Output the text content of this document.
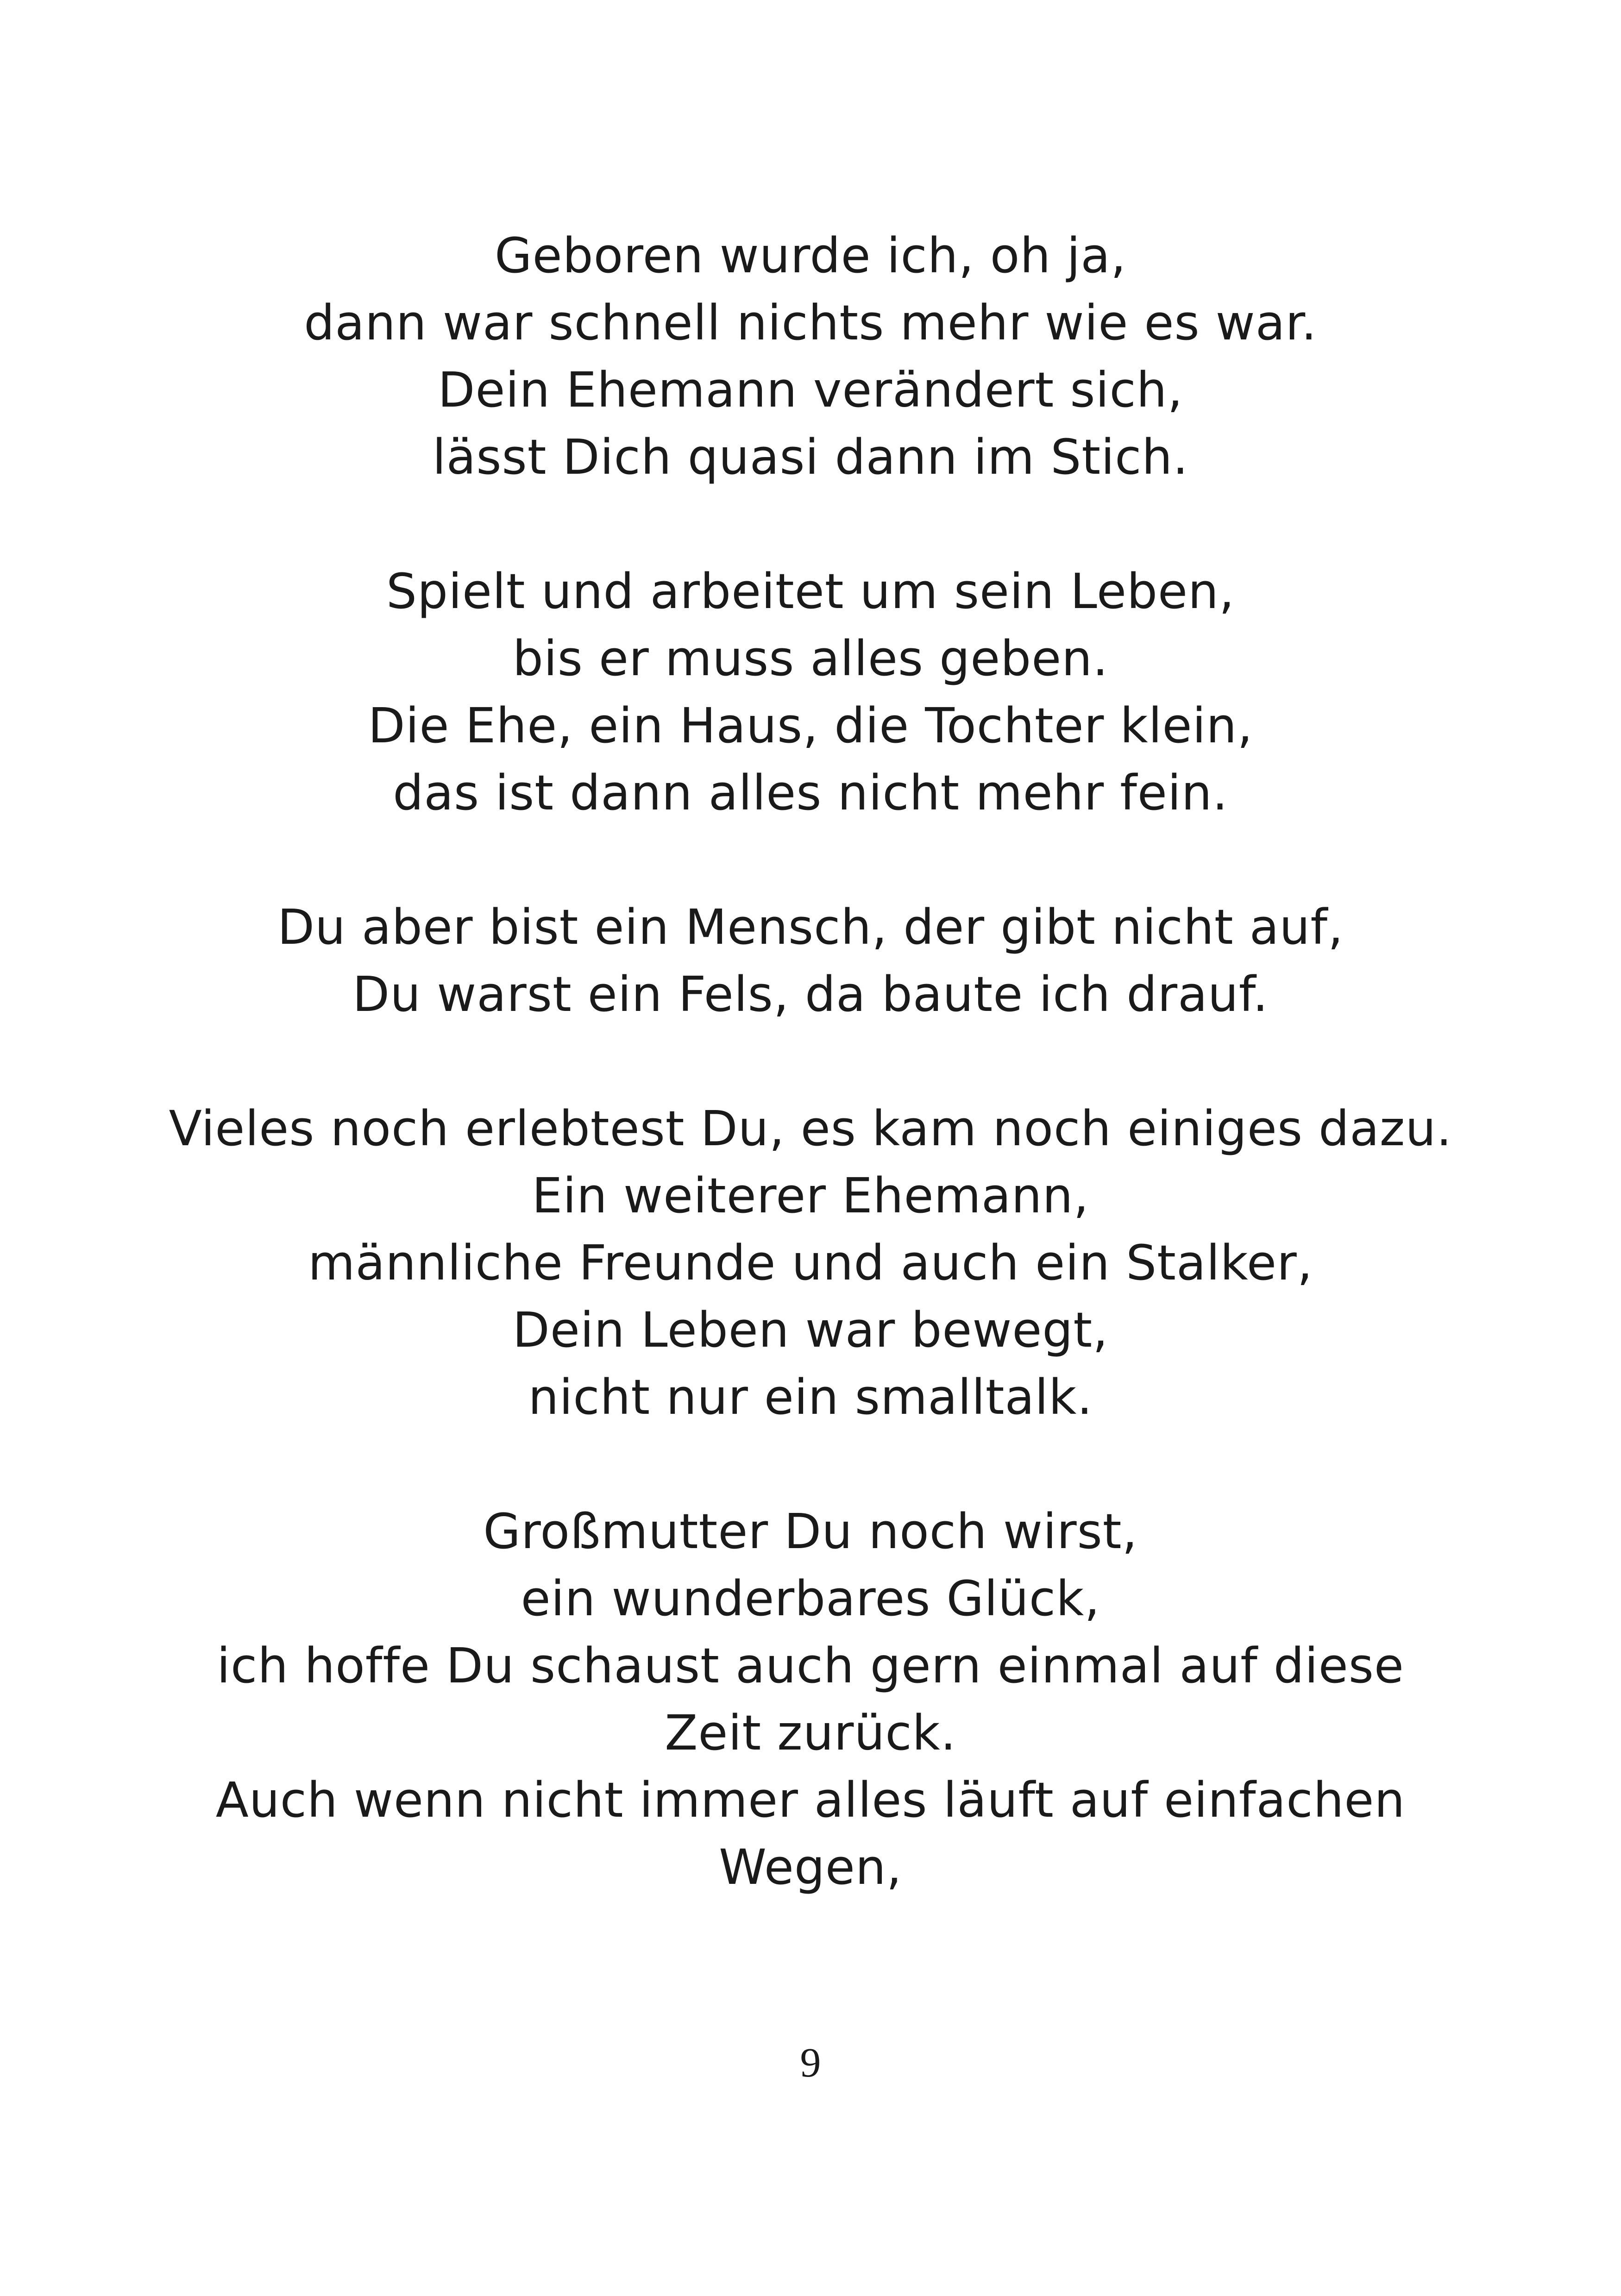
Geboren wurde ich, oh ja,
dann war schnell nichts mehr wie es war.
Dein Ehemann verändert sich,
lässt Dich quasi dann im Stich.
Spielt und arbeitet um sein Leben,
bis er muss alles geben.
Die Ehe, ein Haus, die Tochter klein,
das ist dann alles nicht mehr fein.
Du aber bist ein Mensch, der gibt nicht auf,
Du warst ein Fels, da baute ich drauf.
Vieles noch erlebtest Du, es kam noch einiges dazu.
Ein weiterer Ehemann,
männliche Freunde und auch ein Stalker,
Dein Leben war bewegt,
nicht nur ein smalltalk.
Großmutter Du noch wirst,
ein wunderbares Glück,
ich hoffe Du schaust auch gern einmal auf diese
Zeit zurück.
Auch wenn nicht immer alles läuft auf einfachen
Wegen,
9
